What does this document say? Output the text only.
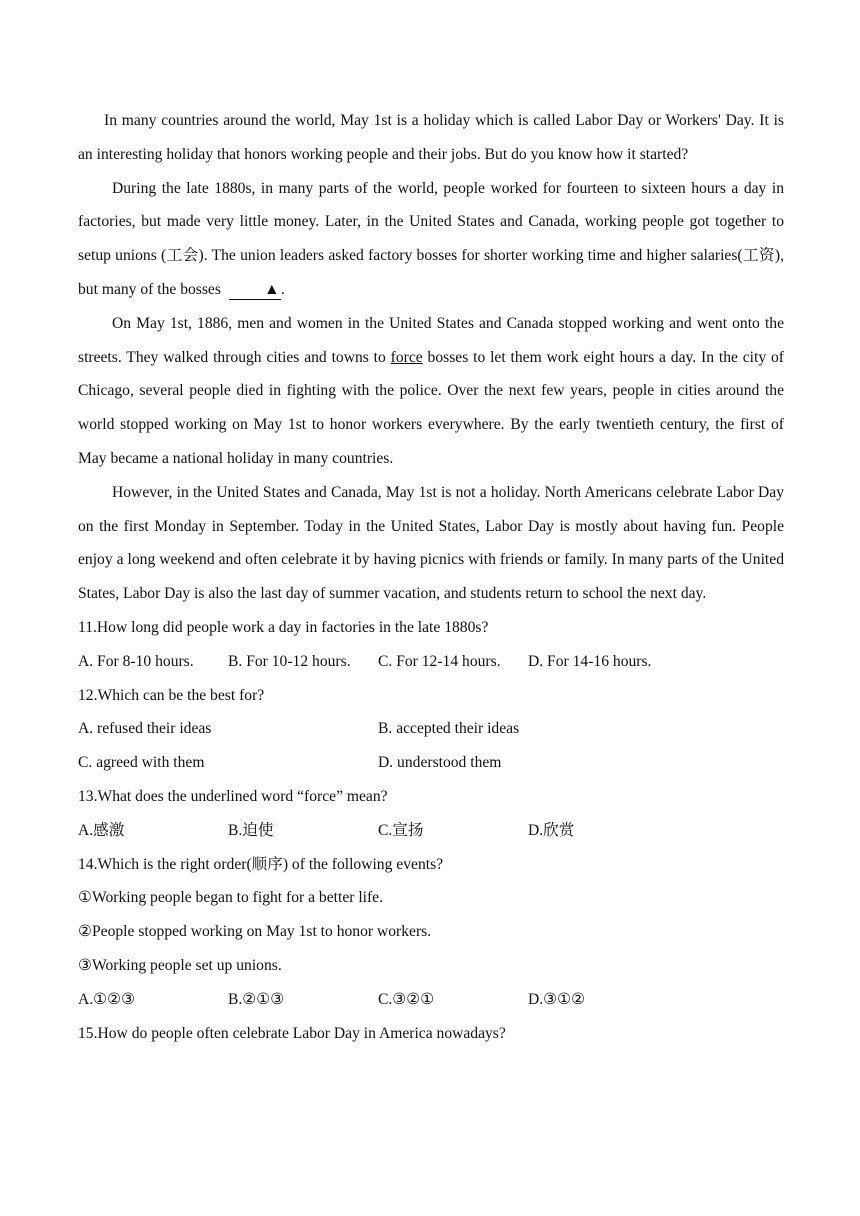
In many countries around the world, May 1st is a holiday which is called Labor Day or Workers' Day. It is an interesting holiday that honors working people and their jobs. But do you know how it started?

During the late 1880s, in many parts of the world, people worked for fourteen to sixteen hours a day in factories, but made very little money. Later, in the United States and Canada, working people got together to setup unions (工会). The union leaders asked factory bosses for shorter working time and higher salaries(工资), but many of the bosses	▲.

On May 1st, 1886, men and women in the United States and Canada stopped working and went onto the streets. They walked through cities and towns to force bosses to let them work eight hours a day. In the city of Chicago, several people died in fighting with the police. Over the next few years, people in cities around the world stopped working on May 1st to honor workers everywhere. By the early twentieth century, the first of May became a national holiday in many countries.

However, in the United States and Canada, May 1st is not a holiday. North Americans celebrate Labor Day on the first Monday in September. Today in the United States, Labor Day is mostly about having fun. People enjoy a long weekend and often celebrate it by having picnics with friends or family. In many parts of the United States, Labor Day is also the last day of summer vacation, and students return to school the next day.

11.How long did people work a day in factories in the late 1880s?

A. For 8-10 hours.	B. For 10-12 hours.	C. For 12-14 hours.	D. For 14-16 hours.

12.Which can be the best for?

A. refused their ideas	B. accepted their ideas
C. agreed with them	D. understood them

13.What does the underlined word “force” mean?

A.感激	B.迫使	C.宣扬	D.欣赏

14.Which is the right order(顺序) of the following events?

①Working people began to fight for a better life.

②People stopped working on May 1st to honor workers.

③Working people set up unions.

A.①②③	B.②①③	C.③②①	D.③①②

15.How do people often celebrate Labor Day in America nowadays?
